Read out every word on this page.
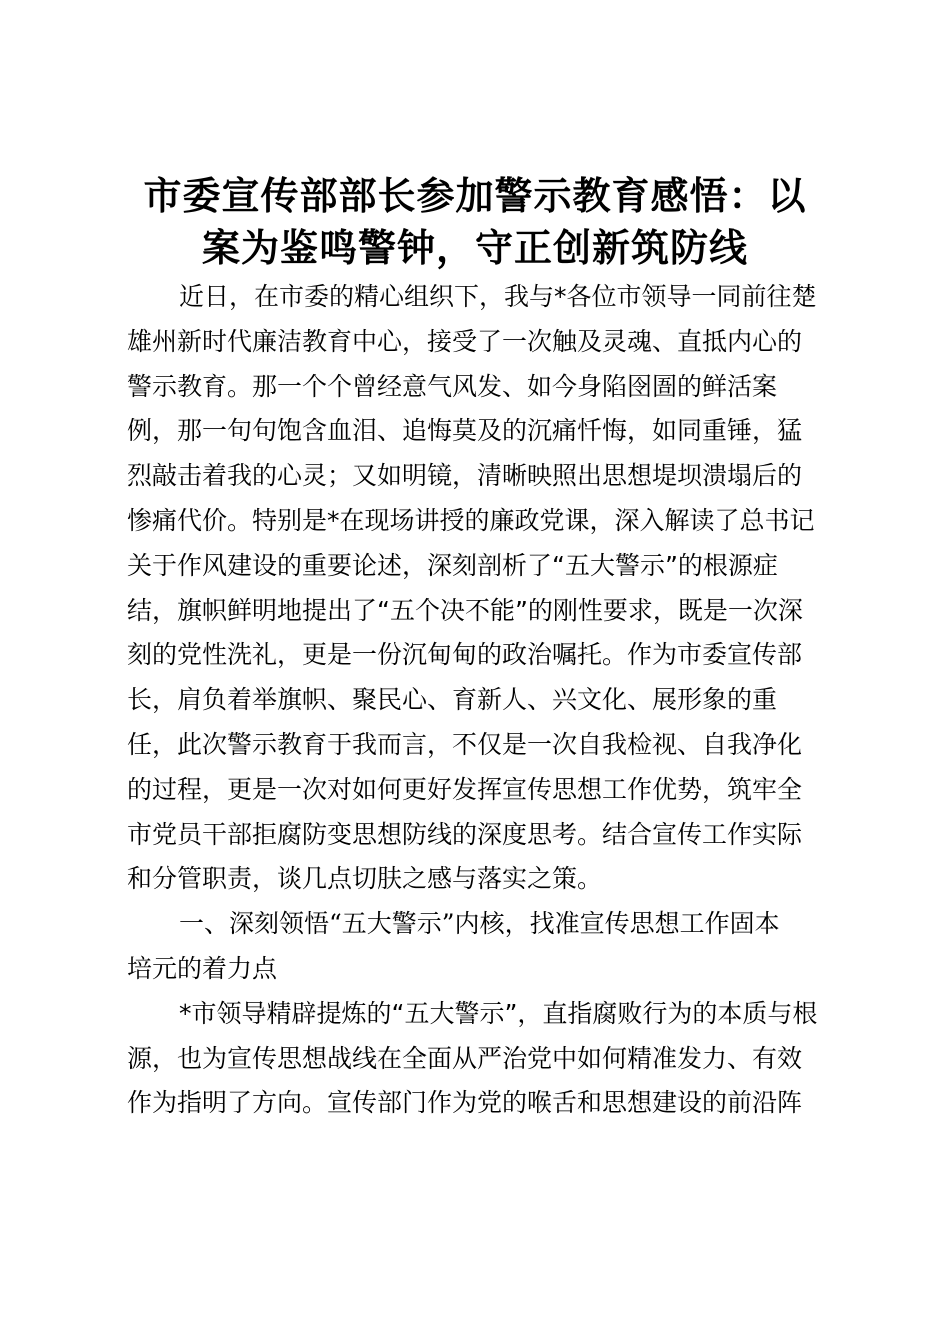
市委宣传部部长参加警示教育感悟：以
案为鉴鸣警钟，守正创新筑防线
近日，在市委的精心组织下，我与*各位市领导一同前往楚
雄州新时代廉洁教育中心，接受了一次触及灵魂、直抵内心的
警示教育。那一个个曾经意气风发、如今身陷囹圄的鲜活案
例，那一句句饱含血泪、追悔莫及的沉痛忏悔，如同重锤，猛
烈敲击着我的心灵；又如明镜，清晰映照出思想堤坝溃塌后的
惨痛代价。特别是*在现场讲授的廉政党课，深入解读了总书记
关于作风建设的重要论述，深刻剖析了“五大警示”的根源症
结，旗帜鲜明地提出了“五个决不能”的刚性要求，既是一次深
刻的党性洗礼，更是一份沉甸甸的政治嘱托。作为市委宣传部
长，肩负着举旗帜、聚民心、育新人、兴文化、展形象的重
任，此次警示教育于我而言，不仅是一次自我检视、自我净化
的过程，更是一次对如何更好发挥宣传思想工作优势，筑牢全
市党员干部拒腐防变思想防线的深度思考。结合宣传工作实际
和分管职责，谈几点切肤之感与落实之策。
一、深刻领悟“五大警示”内核，找准宣传思想工作固本
培元的着力点
*市领导精辟提炼的“五大警示”，直指腐败行为的本质与根
源，也为宣传思想战线在全面从严治党中如何精准发力、有效
作为指明了方向。宣传部门作为党的喉舌和思想建设的前沿阵
